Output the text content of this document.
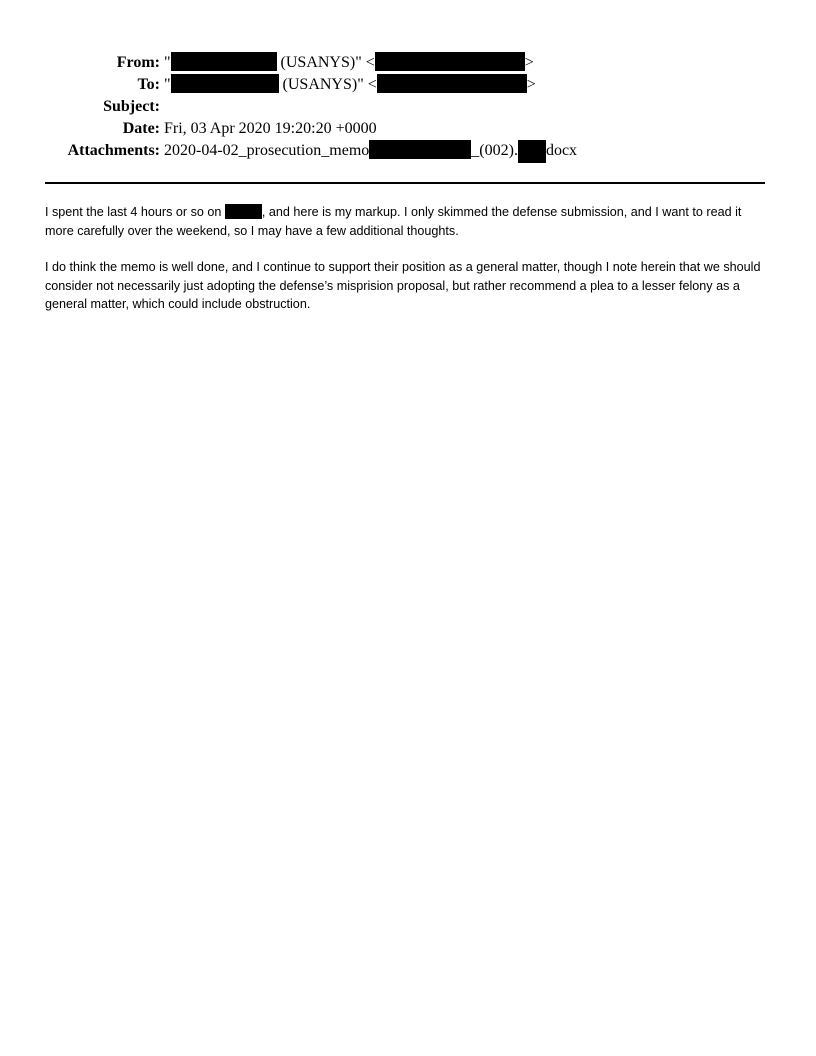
From: "	(USANYS)" <	>
To: "	(USANYS)" <	>
Subject:
Date: Fri, 03 Apr 2020 19:20:20 +0000
Attachments: 2020-04-02_prosecution_memo	_(002). docx

I spent the last 4 hours or so on	, and here is my markup. I only skimmed the defense submission, and I want to read it more carefully over the weekend, so I may have a few additional thoughts.

I do think the memo is well done, and I continue to support their position as a general matter, though I note herein that we should consider not necessarily just adopting the defense’s misprision proposal, but rather recommend a plea to a lesser felony as a general matter, which could include obstruction.
